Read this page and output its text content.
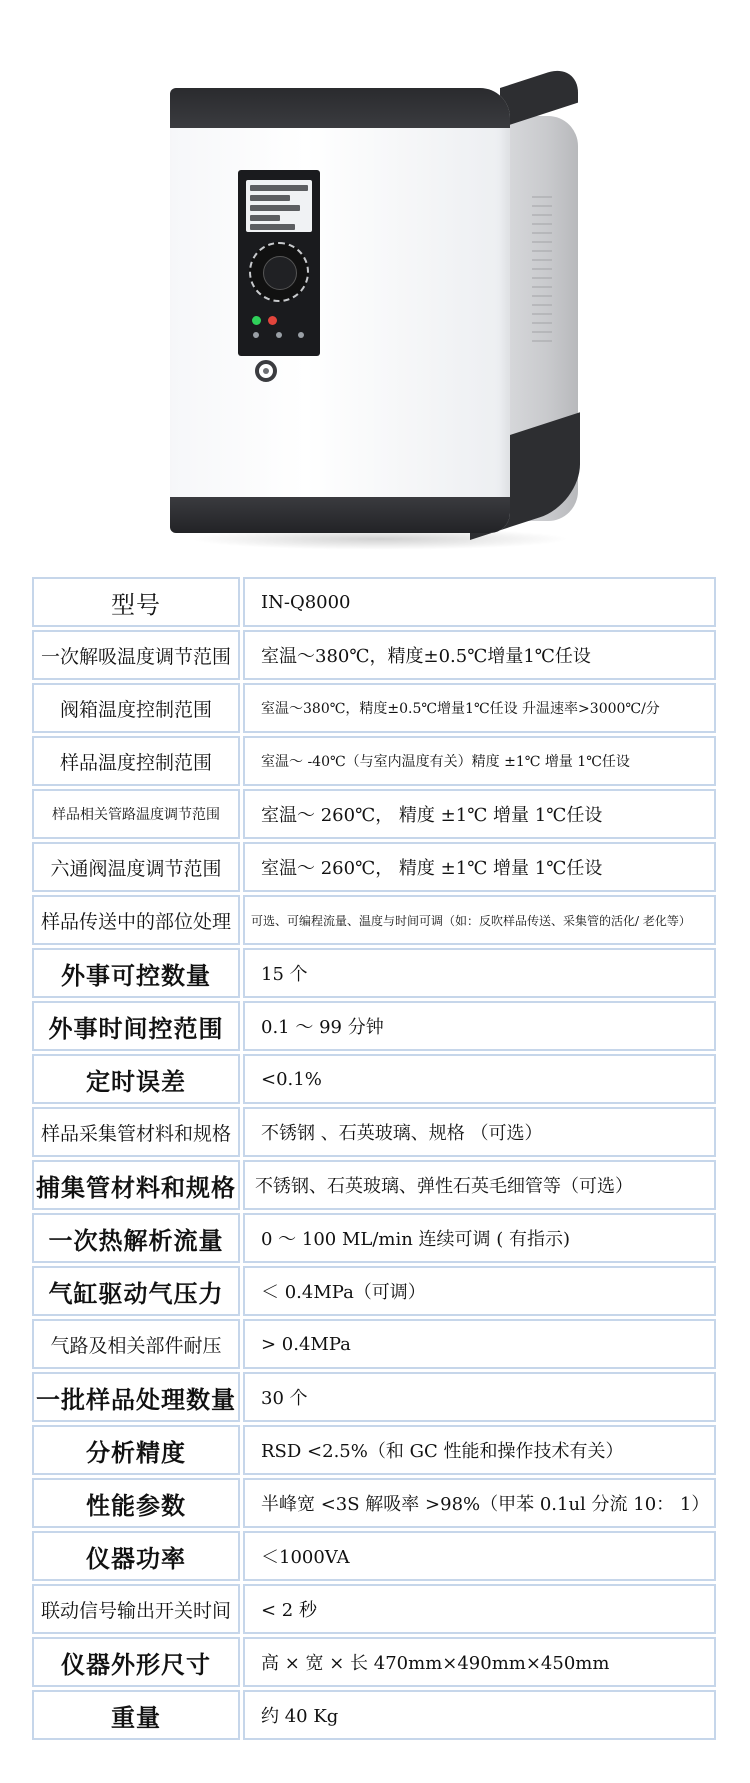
型号	IN-Q8000
一次解吸温度调节范围	室温～380℃，精度±0.5℃增量1℃任设
阀箱温度控制范围	室温～380℃，精度±0.5℃增量1℃任设 升温速率>3000℃/分
样品温度控制范围	室温～ -40℃（与室内温度有关）精度 ±1℃ 增量 1℃任设
样品相关管路温度调节范围	室温～ 260℃， 精度 ±1℃ 增量 1℃任设
六通阀温度调节范围	室温～ 260℃， 精度 ±1℃ 增量 1℃任设
样品传送中的部位处理	可选、可编程流量、温度与时间可调（如：反吹样品传送、采集管的活化/ 老化等）
外事可控数量	15 个
外事时间控范围	0.1 ～ 99 分钟
定时误差	<0.1%
样品采集管材料和规格	不锈钢 、石英玻璃、规格 （可选）
捕集管材料和规格	不锈钢、石英玻璃、弹性石英毛细管等（可选）
一次热解析流量	0 ～ 100 ML/min 连续可调 ( 有指示)
气缸驱动气压力	＜ 0.4MPa（可调）
气路及相关部件耐压	> 0.4MPa
一批样品处理数量	30 个
分析精度	RSD <2.5%（和 GC 性能和操作技术有关）
性能参数	半峰宽 <3S 解吸率 >98%（甲苯 0.1ul 分流 10： 1）
仪器功率	＜1000VA
联动信号输出开关时间	< 2 秒
仪器外形尺寸	高 × 宽 × 长 470mm×490mm×450mm
重量	约 40 Kg
